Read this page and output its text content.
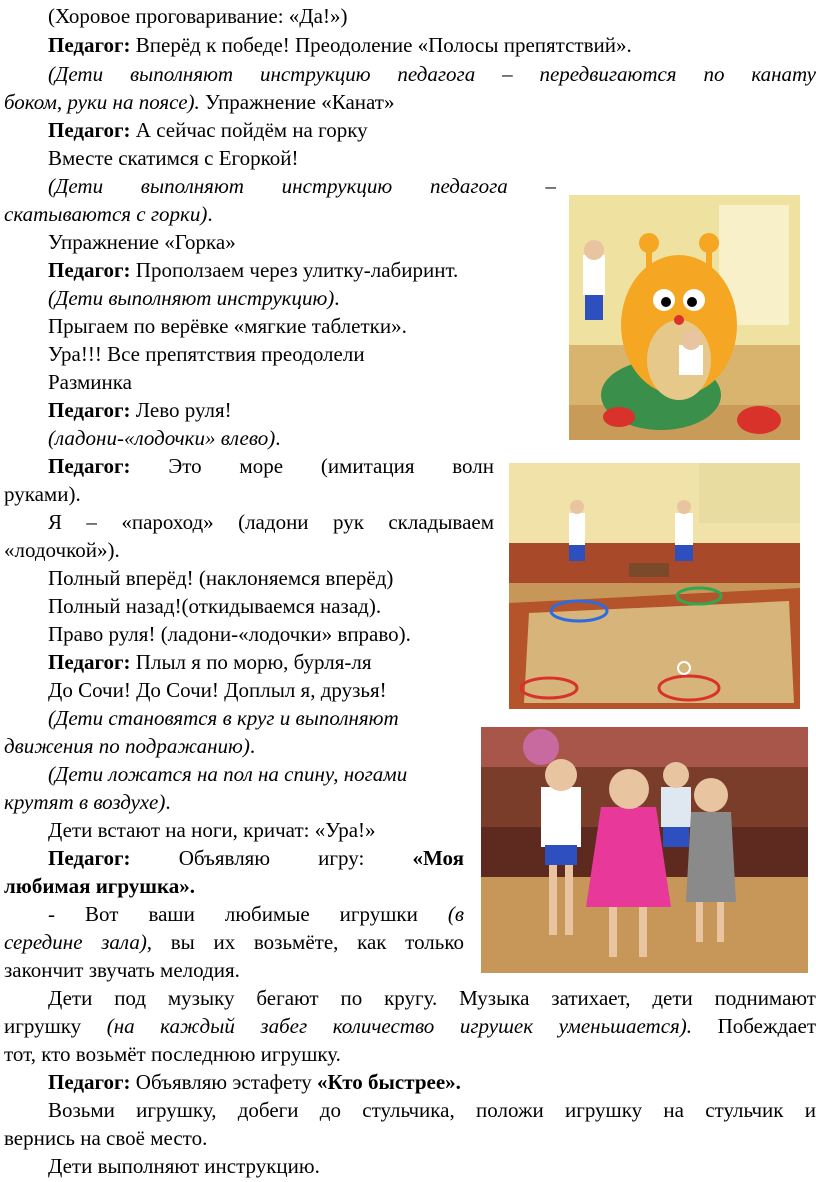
(Хоровое проговаривание: «Да!»)
Педагог: Вперёд к победе! Преодоление «Полосы препятствий».
(Дети выполняют инструкцию педагога – передвигаются по канату
боком, руки на поясе). Упражнение «Канат»
Педагог: А сейчас пойдём на горку
Вместе скатимся с Егоркой!
(Дети выполняют инструкцию педагога –
скатываются с горки).
Упражнение «Горка»
Педагог: Проползаем через улитку-лабиринт.
(Дети выполняют инструкцию).
Прыгаем по верёвке «мягкие таблетки».
Ура!!! Все препятствия преодолели
Разминка
Педагог: Лево руля!
(ладони-«лодочки» влево).
Педагог: Это море (имитация волн
руками).
Я – «пароход» (ладони рук складываем
«лодочкой»).
Полный вперёд! (наклоняемся вперёд)
Полный назад!(откидываемся назад).
Право руля! (ладони-«лодочки» вправо).
Педагог: Плыл я по морю, бурля-ля
До Сочи! До Сочи! Доплыл я, друзья!
(Дети становятся в круг и выполняют
движения по подражанию).
(Дети ложатся на пол на спину, ногами
крутят в воздухе).
Дети встают на ноги, кричат: «Ура!»
Педагог: Объявляю игру: «Моя
любимая игрушка».
- Вот ваши любимые игрушки (в
середине зала), вы их возьмёте, как только
закончит звучать мелодия.
Дети под музыку бегают по кругу. Музыка затихает, дети поднимают
игрушку (на каждый забег количество игрушек уменьшается). Побеждает
тот, кто возьмёт последнюю игрушку.
Педагог: Объявляю эстафету «Кто быстрее».
Возьми игрушку, добеги до стульчика, положи игрушку на стульчик и
вернись на своё место.
Дети выполняют инструкцию.
